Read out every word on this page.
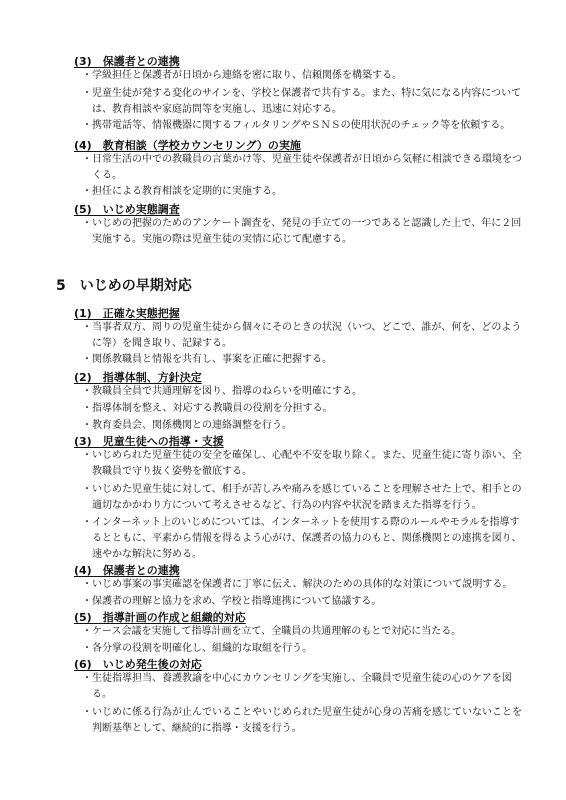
(3)　保護者との連携
・ 学級担任と保護者が日頃から連絡を密に取り、信頼関係を構築する。
・ 児童生徒が発する変化のサインを、学校と保護者で共有する。また、特に気になる内容については、教育相談や家庭訪問等を実施し、迅速に対応する。
・ 携帯電話等、情報機器に関するフィルタリングやＳＮＳの使用状況のチェック等を依頼する。
(4)　教育相談（学校カウンセリング）の実施
・ 日常生活の中での教職員の言葉かけ等、児童生徒や保護者が日頃から気軽に相談できる環境をつくる。
・ 担任による教育相談を定期的に実施する。
(5)　いじめ実態調査
・ いじめの把握のためのアンケート調査を、発見の手立ての一つであると認識した上で、年に２回実施する。実施の際は児童生徒の実情に応じて配慮する。
5 いじめの早期対応
(1)　正確な実態把握
・ 当事者双方、周りの児童生徒から個々にそのときの状況（いつ、どこで、誰が、何を、どのように等）を聞き取り、記録する。
・ 関係教職員と情報を共有し、事案を正確に把握する。
(2)　指導体制、方針決定
・ 教職員全員で共通理解を図り、指導のねらいを明確にする。
・ 指導体制を整え、対応する教職員の役割を分担する。
・ 教育委員会、関係機関との連絡調整を行う。
(3)　児童生徒への指導・支援
・ いじめられた児童生徒の安全を確保し、心配や不安を取り除く。また、児童生徒に寄り添い、全教職員で守り抜く姿勢を徹底する。
・ いじめた児童生徒に対して、相手が苦しみや痛みを感じていることを理解させた上で、相手との適切なかかわり方について考えさせるなど、行為の内容や状況を踏まえた指導を行う。
・ インターネット上のいじめについては、インターネットを使用する際のルールやモラルを指導するとともに、平素から情報を得るよう心がけ、保護者の協力のもと、関係機関との連携を図り、速やかな解決に努める。
(4)　保護者との連携
・ いじめ事案の事実確認を保護者に丁寧に伝え、解決のための具体的な対策について説明する。
・ 保護者の理解と協力を求め、学校と指導連携について協議する。
(5)　指導計画の作成と組織的対応
・ ケース会議を実施して指導計画を立て、全職員の共通理解のもとで対応に当たる。
・ 各分掌の役割を明確化し、組織的な取組を行う。
(6)　いじめ発生後の対応
・ 生徒指導担当、養護教諭を中心にカウンセリングを実施し、全職員で児童生徒の心のケアを図る。
・ いじめに係る行為が止んでいることやいじめられた児童生徒が心身の苦痛を感じていないことを判断基準として、継続的に指導・支援を行う。
